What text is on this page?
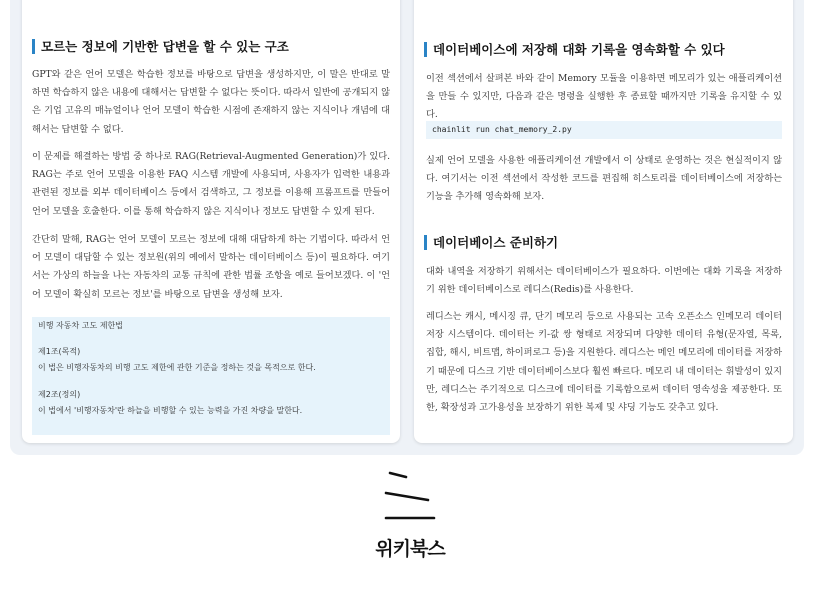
모르는 정보에 기반한 답변을 할 수 있는 구조
GPT와 같은 언어 모델은 학습한 정보를 바탕으로 답변을 생성하지만, 이 말은 반대로 말하면 학습하지 않은 내용에 대해서는 답변할 수 없다는 뜻이다. 따라서 일반에 공개되지 않은 기업 고유의 매뉴얼이나 언어 모델이 학습한 시점에 존재하지 않는 지식이나 개념에 대해서는 답변할 수 없다.
이 문제를 해결하는 방법 중 하나로 RAG(Retrieval-Augmented Generation)가 있다. RAG는 주로 언어 모델을 이용한 FAQ 시스템 개발에 사용되며, 사용자가 입력한 내용과 관련된 정보를 외부 데이터베이스 등에서 검색하고, 그 정보를 이용해 프롬프트를 만들어 언어 모델을 호출한다. 이를 통해 학습하지 않은 지식이나 정보도 답변할 수 있게 된다.
간단히 말해, RAG는 언어 모델이 모르는 정보에 대해 대답하게 하는 기법이다. 따라서 언어 모델이 대답할 수 있는 정보원(위의 예에서 말하는 데이터베이스 등)이 필요하다. 여기서는 가상의 하늘을 나는 자동차의 교통 규칙에 관한 법률 조항을 예로 들어보겠다. 이 '언어 모델이 확실히 모르는 정보'를 바탕으로 답변을 생성해 보자.
비행 자동차 고도 제한법
제1조(목적)
이 법은 비행자동차의 비행 고도 제한에 관한 기준을 정하는 것을 목적으로 한다.
제2조(정의)
이 법에서 '비행자동차'란 하늘을 비행할 수 있는 능력을 가진 차량을 말한다.
데이터베이스에 저장해 대화 기록을 영속화할 수 있다
이전 섹션에서 살펴본 바와 같이 Memory 모듈을 이용하면 메모리가 있는 애플리케이션을 만들 수 있지만, 다음과 같은 명령을 실행한 후 종료할 때까지만 기록을 유지할 수 있다.
chainlit run chat_memory_2.py
실제 언어 모델을 사용한 애플리케이션 개발에서 이 상태로 운영하는 것은 현실적이지 않다. 여기서는 이전 섹션에서 작성한 코드를 편집해 히스토리를 데이터베이스에 저장하는 기능을 추가해 영속화해 보자.
데이터베이스 준비하기
대화 내역을 저장하기 위해서는 데이터베이스가 필요하다. 이번에는 대화 기록을 저장하기 위한 데이터베이스로 레디스(Redis)를 사용한다.
레디스는 캐시, 메시징 큐, 단기 메모리 등으로 사용되는 고속 오픈소스 인메모리 데이터 저장 시스템이다. 데이터는 키-값 쌍 형태로 저장되며 다양한 데이터 유형(문자열, 목록, 집합, 해시, 비트맵, 하이퍼로그 등)을 지원한다. 레디스는 메인 메모리에 데이터를 저장하기 때문에 디스크 기반 데이터베이스보다 훨씬 빠르다. 메모리 내 데이터는 휘발성이 있지만, 레디스는 주기적으로 디스크에 데이터를 기록함으로써 데이터 영속성을 제공한다. 또한, 확장성과 고가용성을 보장하기 위한 복제 및 샤딩 기능도 갖추고 있다.
위키북스
